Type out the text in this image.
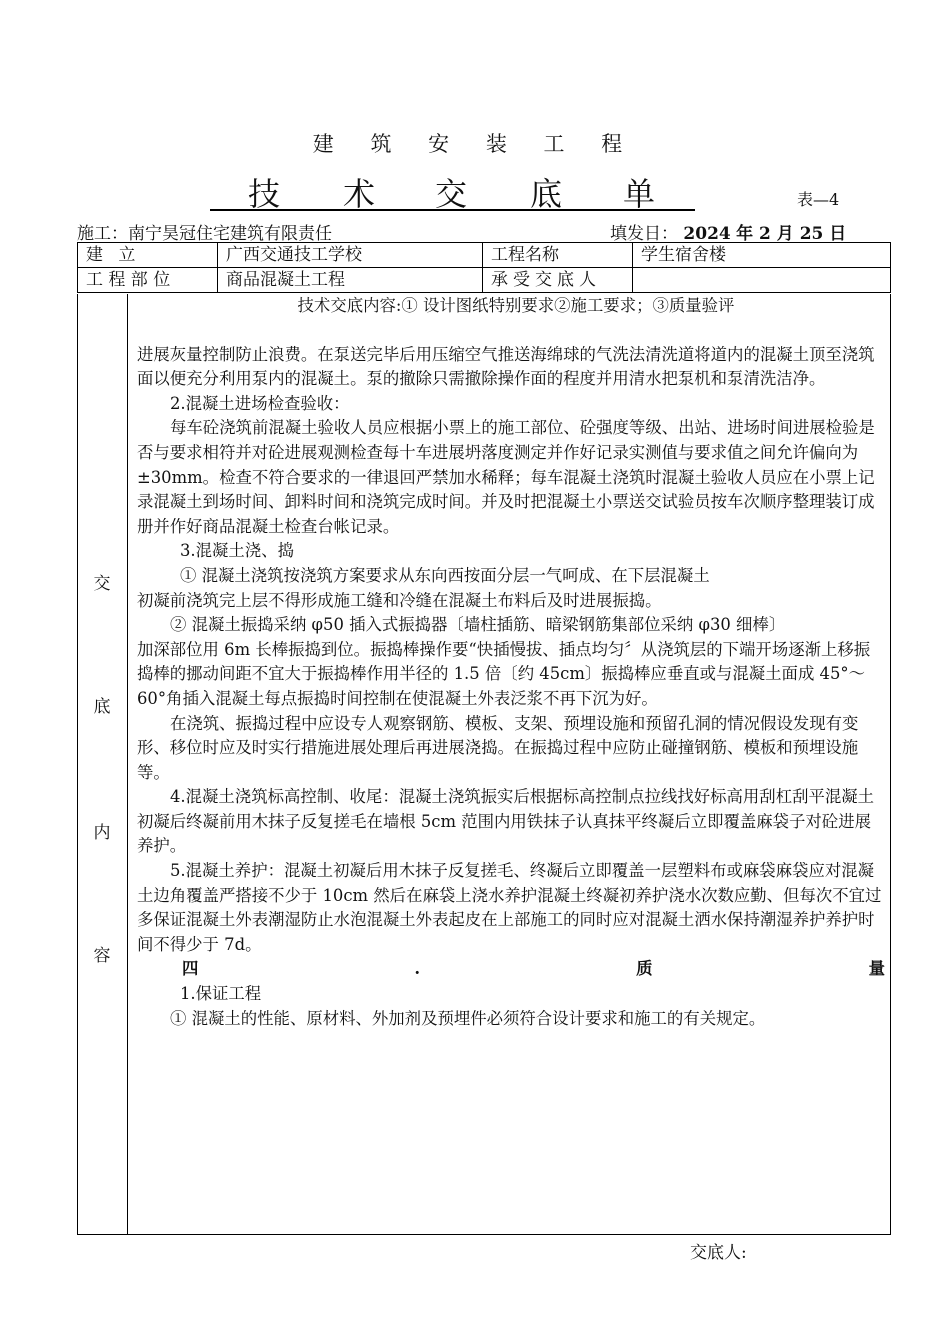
建 筑 安 装 工 程
技 术 交 底 单	表—4
施工：南宁昊冠住宅建筑有限责任	填发日： 2024 年 2 月 25 日
建 立	广西交通技工学校	工程名称	学生宿舍楼
工 程 部 位	商品混凝土工程	承受交底人	
交
底
内
容

技术交底内容:① 设计图纸特别要求②施工要求；③质量验评

进展灰量控制防止浪费。在泵送完毕后用压缩空气推送海绵球的气洗法清洗道将道内的混凝土顶至浇筑面以便充分利用泵内的混凝土。泵的撤除只需撤除操作面的程度并用清水把泵机和泵清洗洁净。

2.混凝土进场检查验收：

每车砼浇筑前混凝土验收人员应根据小票上的施工部位、砼强度等级、出站、进场时间进展检验是否与要求相符并对砼进展观测检查每十车进展坍落度测定并作好记录实测值与要求值之间允许偏向为±30mm。检查不符合要求的一律退回严禁加水稀释；每车混凝土浇筑时混凝土验收人员应在小票上记录混凝土到场时间、卸料时间和浇筑完成时间。并及时把混凝土小票送交试验员按车次顺序整理装订成册并作好商品混凝土检查台帐记录。

3.混凝土浇、捣

① 混凝土浇筑按浇筑方案要求从东向西按面分层一气呵成、在下层混凝土

初凝前浇筑完上层不得形成施工缝和冷缝在混凝土布料后及时进展振捣。

② 混凝土振捣采纳 φ50 插入式振捣器〔墙柱插筋、暗梁钢筋集部位采纳 φ30 细棒〕

加深部位用 6m 长棒振捣到位。振捣棒操作要“快插慢拔、插点均匀〞从浇筑层的下端开场逐渐上移振捣棒的挪动间距不宜大于振捣棒作用半径的 1.5 倍〔约 45cm〕振捣棒应垂直或与混凝土面成 45°～60°角插入混凝土每点振捣时间控制在使混凝土外表泛浆不再下沉为好。

在浇筑、振捣过程中应设专人观察钢筋、模板、支架、预埋设施和预留孔洞的情况假设发现有变形、移位时应及时实行措施进展处理后再进展浇捣。在振捣过程中应防止碰撞钢筋、模板和预埋设施等。

4.混凝土浇筑标高控制、收尾：混凝土浇筑振实后根据标高控制点拉线找好标高用刮杠刮平混凝土初凝后终凝前用木抹子反复搓毛在墙根 5cm 范围内用铁抹子认真抹平终凝后立即覆盖麻袋子对砼进展养护。

5.混凝土养护：混凝土初凝后用木抹子反复搓毛、终凝后立即覆盖一层塑料布或麻袋麻袋应对混凝土边角覆盖严搭接不少于 10cm 然后在麻袋上浇水养护混凝土终凝初养护浇水次数应勤、但每次不宜过多保证混凝土外表潮湿防止水泡混凝土外表起皮在上部施工的同时应对混凝土洒水保持潮湿养护养护时间不得少于 7d。

四	.	质	量

1.保证工程

① 混凝土的性能、原材料、外加剂及预埋件必须符合设计要求和施工的有关规定。

交底人:
